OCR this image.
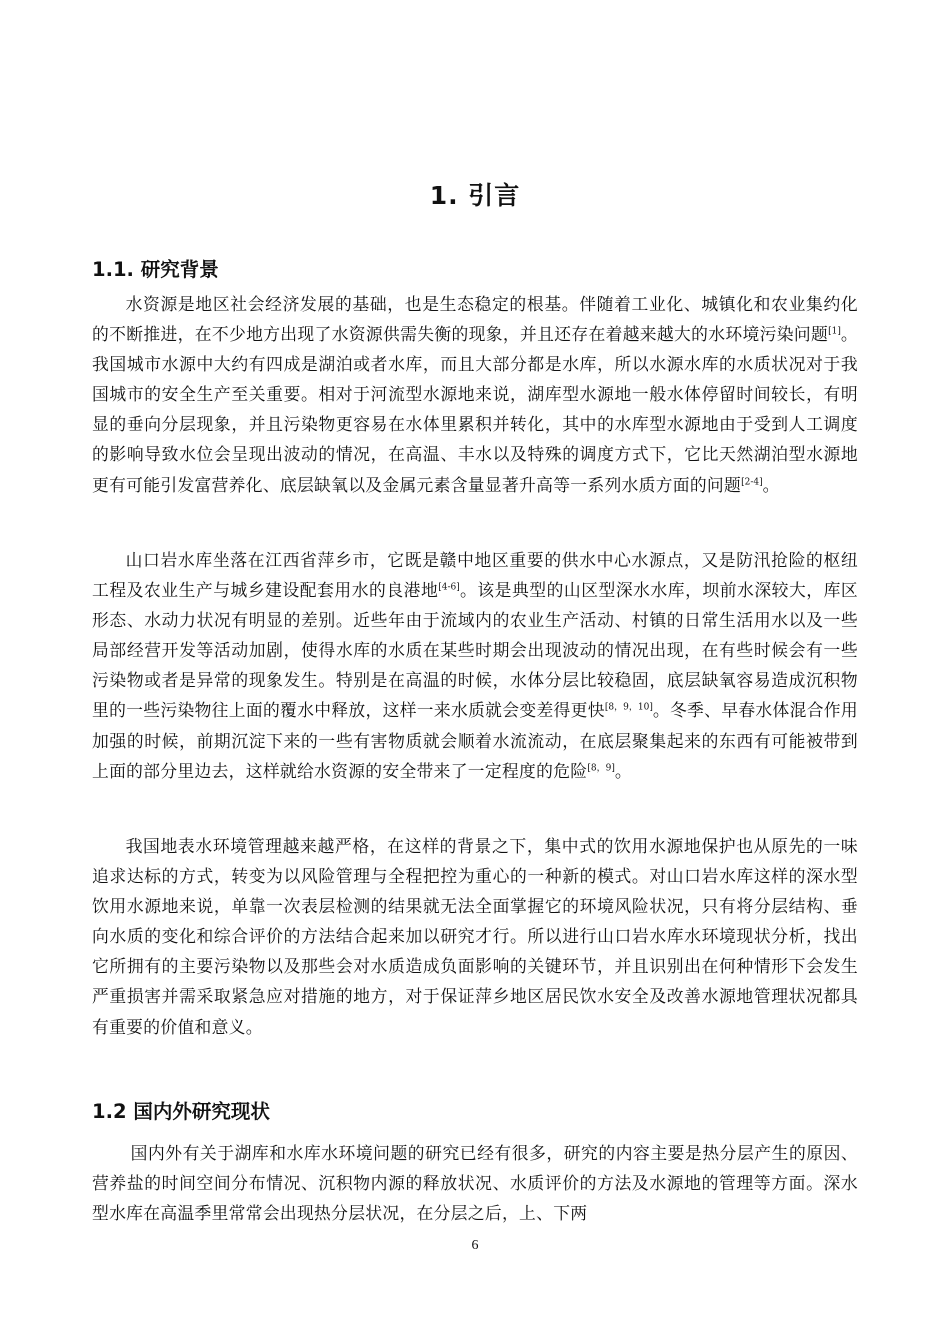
1. 引言
1.1. 研究背景

水资源是地区社会经济发展的基础，也是生态稳定的根基。伴随着工业化、城镇化和农业集约化的不断推进，在不少地方出现了水资源供需失衡的现象，并且还存在着越来越大的水环境污染问题[1]。我国城市水源中大约有四成是湖泊或者水库，而且大部分都是水库，所以水源水库的水质状况对于我国城市的安全生产至关重要。相对于河流型水源地来说，湖库型水源地一般水体停留时间较长，有明显的垂向分层现象，并且污染物更容易在水体里累积并转化，其中的水库型水源地由于受到人工调度的影响导致水位会呈现出波动的情况，在高温、丰水以及特殊的调度方式下，它比天然湖泊型水源地更有可能引发富营养化、底层缺氧以及金属元素含量显著升高等一系列水质方面的问题[2-4]。

山口岩水库坐落在江西省萍乡市，它既是赣中地区重要的供水中心水源点，又是防汛抢险的枢纽工程及农业生产与城乡建设配套用水的良港地[4-6]。该是典型的山区型深水水库，坝前水深较大，库区形态、水动力状况有明显的差别。近些年由于流域内的农业生产活动、村镇的日常生活用水以及一些局部经营开发等活动加剧，使得水库的水质在某些时期会出现波动的情况出现，在有些时候会有一些污染物或者是异常的现象发生。特别是在高温的时候，水体分层比较稳固，底层缺氧容易造成沉积物里的一些污染物往上面的覆水中释放，这样一来水质就会变差得更快[8，9，10]。冬季、早春水体混合作用加强的时候，前期沉淀下来的一些有害物质就会顺着水流流动，在底层聚集起来的东西有可能被带到上面的部分里边去，这样就给水资源的安全带来了一定程度的危险[8，9]。

我国地表水环境管理越来越严格，在这样的背景之下，集中式的饮用水源地保护也从原先的一味追求达标的方式，转变为以风险管理与全程把控为重心的一种新的模式。对山口岩水库这样的深水型饮用水源地来说，单靠一次表层检测的结果就无法全面掌握它的环境风险状况，只有将分层结构、垂向水质的变化和综合评价的方法结合起来加以研究才行。所以进行山口岩水库水环境现状分析，找出它所拥有的主要污染物以及那些会对水质造成负面影响的关键环节，并且识别出在何种情形下会发生严重损害并需采取紧急应对措施的地方，对于保证萍乡地区居民饮水安全及改善水源地管理状况都具有重要的价值和意义。

1.2 国内外研究现状

国内外有关于湖库和水库水环境问题的研究已经有很多，研究的内容主要是热分层产生的原因、营养盐的时间空间分布情况、沉积物内源的释放状况、水质评价的方法及水源地的管理等方面。深水型水库在高温季里常常会出现热分层状况，在分层之后，上、下两

6
